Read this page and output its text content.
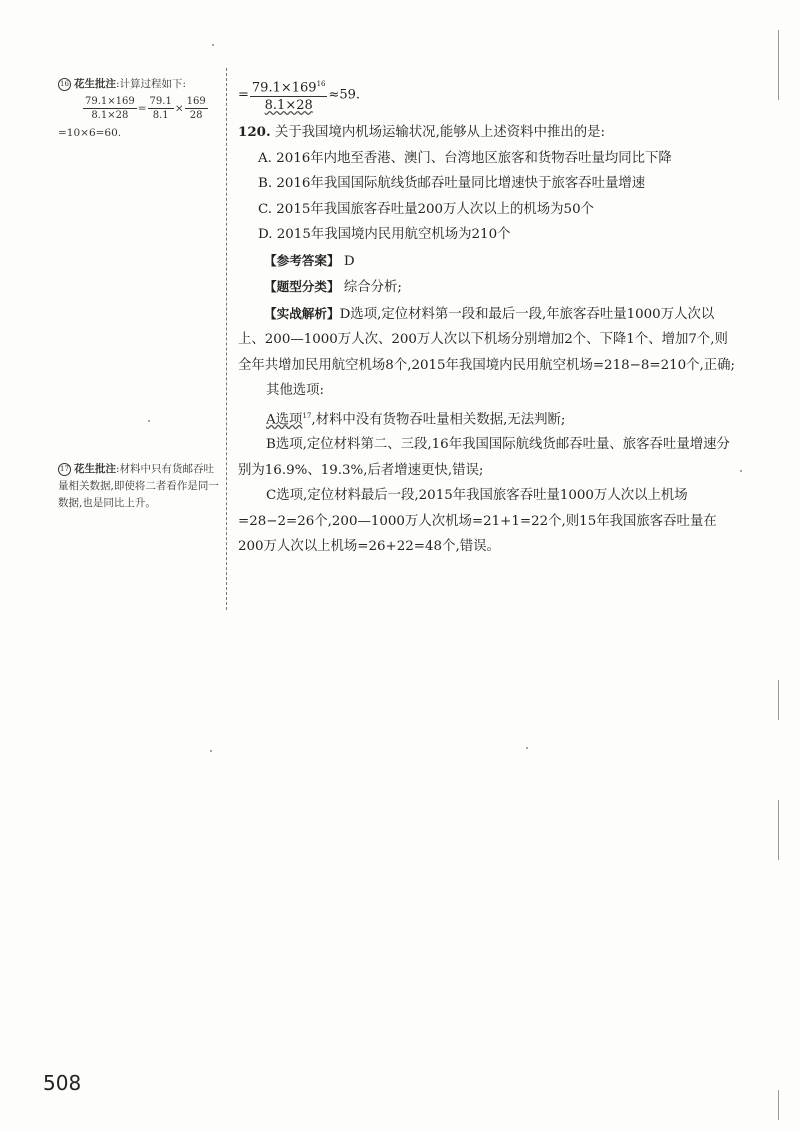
16 花生批注:计算过程如下:
$\frac{79.1\times 169}{8.1\times 28} = \frac{79.1}{8.1} \times \frac{169}{28}$
=10×6=60.
17 花生批注:材料中只有货邮吞吐量相关数据,即使将二者看作是同一数据,也是同比上升。
= $\frac{79.1\times 169^{16}}{8.1\times 28} \approx 59$.
120. 关于我国境内机场运输状况,能够从上述资料中推出的是:
A. 2016年内地至香港、澳门、台湾地区旅客和货物吞吐量均同比下降
B. 2016年我国国际航线货邮吞吐量同比增速快于旅客吞吐量增速
C. 2015年我国旅客吞吐量200万人次以上的机场为50个
D. 2015年我国境内民用航空机场为210个
【参考答案】 D
【题型分类】 综合分析;
【实战解析】D选项,定位材料第一段和最后一段,年旅客吞吐量1000万人次以上、200—1000万人次、200万人次以下机场分别增加2个、下降1个、增加7个,则全年共增加民用航空机场8个,2015年我国境内民用航空机场=218−8=210个,正确;
其他选项:
A选项$^{17}$,材料中没有货物吞吐量相关数据,无法判断;
B选项,定位材料第二、三段,16年我国国际航线货邮吞吐量、旅客吞吐量增速分别为16.9%、19.3%,后者增速更快,错误;
C选项,定位材料最后一段,2015年我国旅客吞吐量1000万人次以上机场=28−2=26个,200—1000万人次机场=21+1=22个,则15年我国旅客吞吐量在200万人次以上机场=26+22=48个,错误。
508
